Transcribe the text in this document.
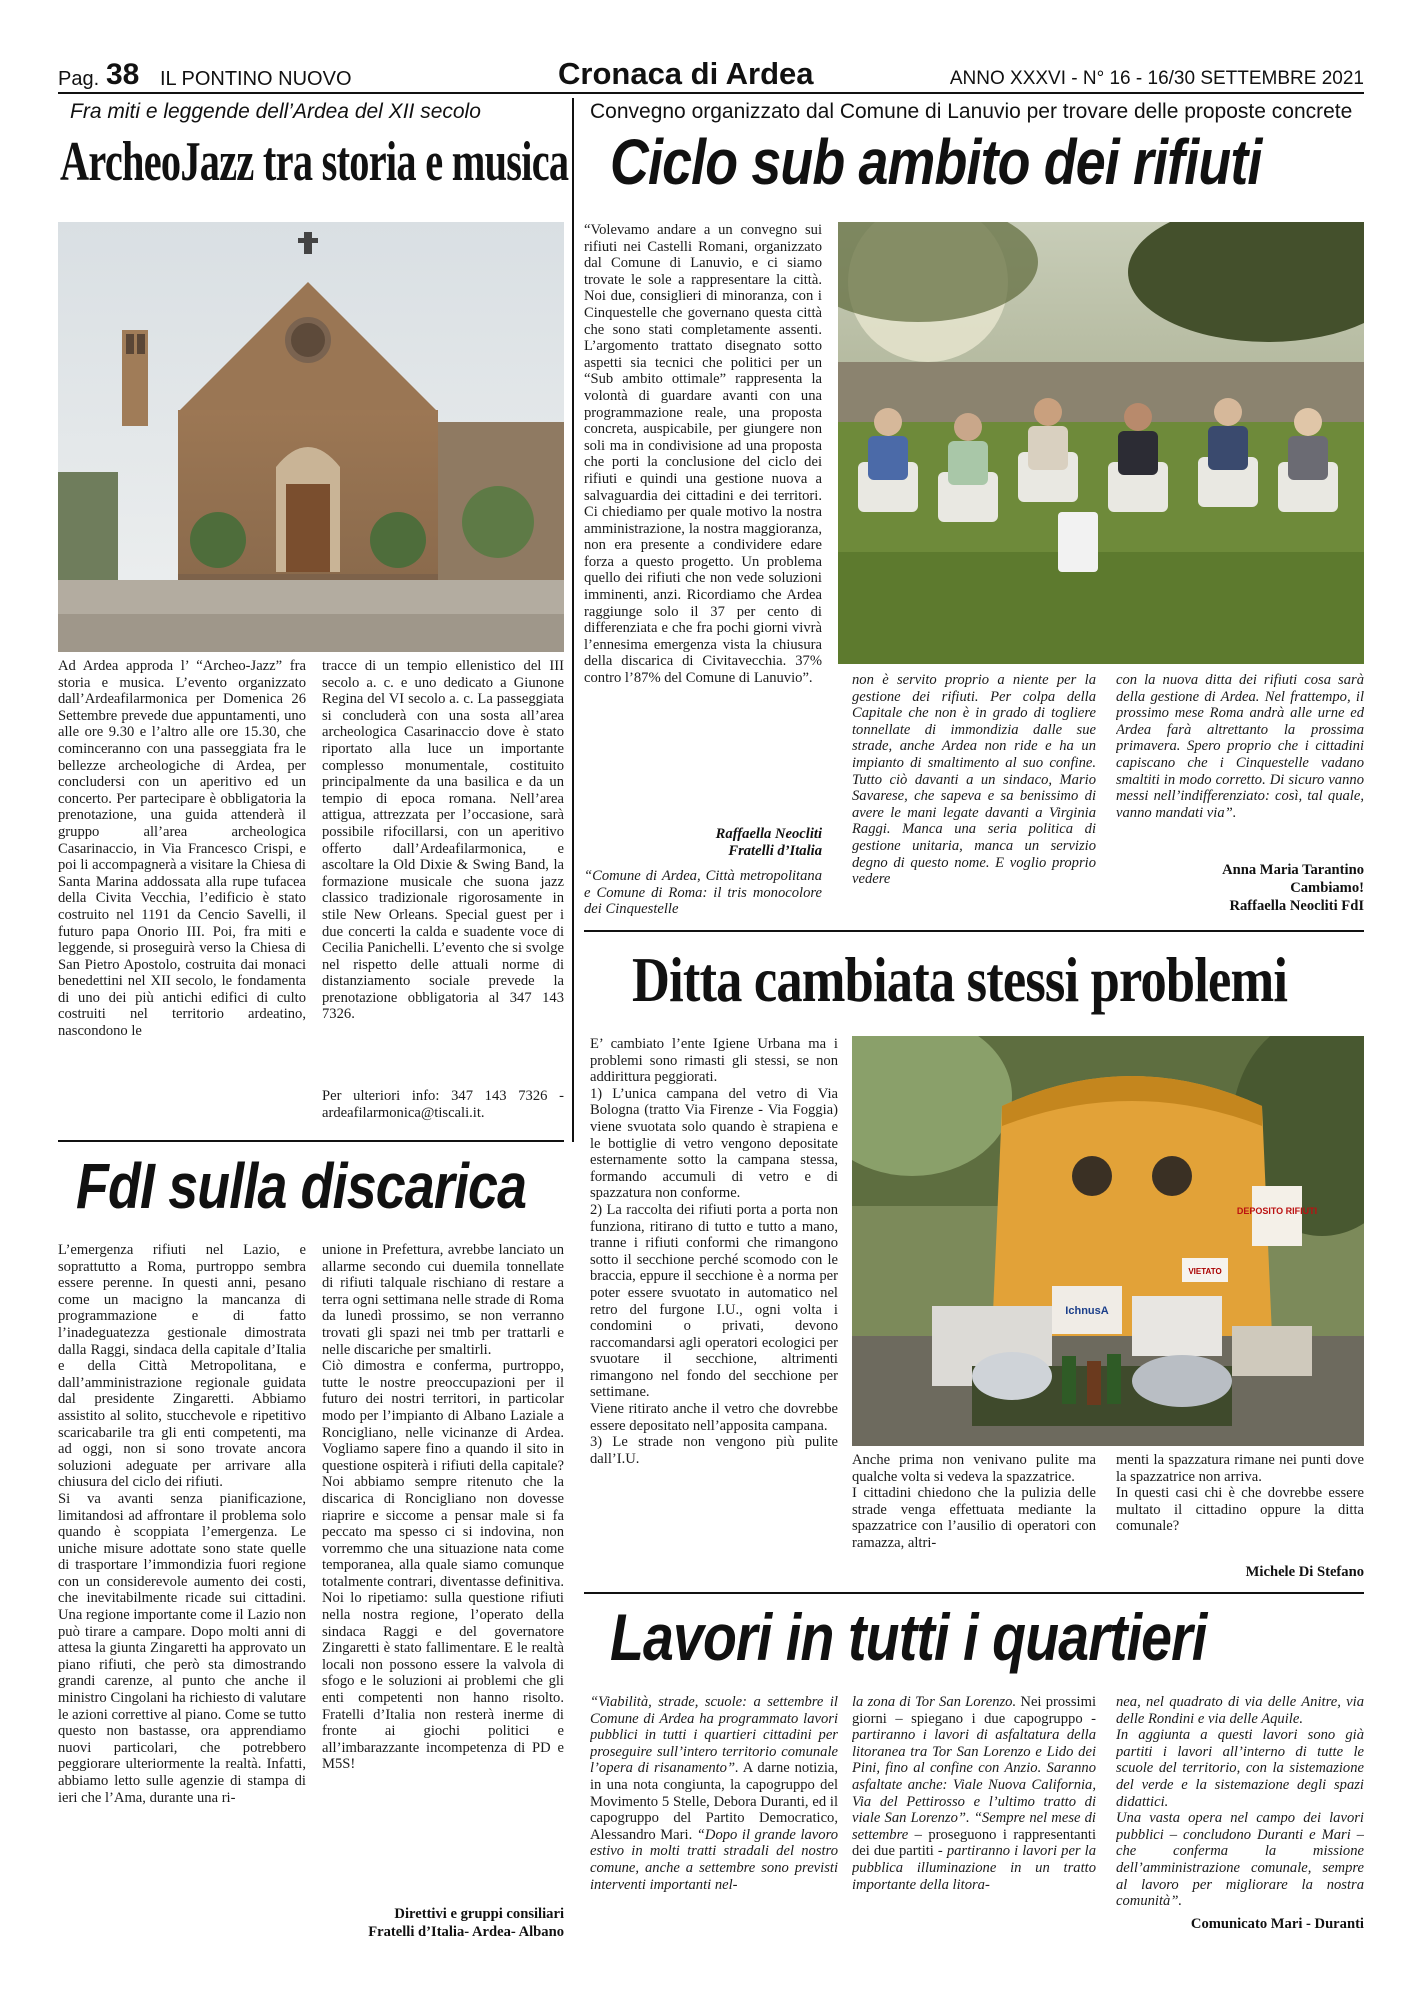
Pag. 38 IL PONTINO NUOVO	Cronaca di Ardea	ANNO XXXVI - N° 16 - 16/30 SETTEMBRE 2021
Fra miti e leggende dell’Ardea del XII secolo
ArcheoJazz tra storia e musica
Ad Ardea approda l’ “Archeo-Jazz” fra storia e musica. L’evento organizzato dall’Ardeafilarmonica per Domenica 26 Settembre prevede due appuntamenti, uno alle ore 9.30 e l’altro alle ore 15.30, che cominceranno con una passeggiata fra le bellezze archeologiche di Ardea, per concludersi con un aperitivo ed un concerto. Per partecipare è obbligatoria la prenotazione, una guida attenderà il gruppo all’area archeologica Casarinaccio, in Via Francesco Crispi, e poi li accompagnerà a visitare la Chiesa di Santa Marina addossata alla rupe tufacea della Civita Vecchia, l’edificio è stato costruito nel 1191 da Cencio Savelli, il futuro papa Onorio III. Poi, fra miti e leggende, si proseguirà verso la Chiesa di San Pietro Apostolo, costruita dai monaci benedettini nel XII secolo, le fondamenta di uno dei più antichi edifici di culto costruiti nel territorio ardeatino, nascondono le
tracce di un tempio ellenistico del III secolo a. c. e uno dedicato a Giunone Regina del VI secolo a. c. La passeggiata si concluderà con una sosta all’area archeologica Casarinaccio dove è stato riportato alla luce un importante complesso monumentale, costituito principalmente da una basilica e da un tempio di epoca romana. Nell’area attigua, attrezzata per l’occasione, sarà possibile rifocillarsi, con un aperitivo offerto dall’Ardeafilarmonica, e ascoltare la Old Dixie & Swing Band, la formazione musicale che suona jazz classico tradizionale rigorosamente in stile New Orleans. Special guest per i due concerti la calda e suadente voce di Cecilia Panichelli. L’evento che si svolge nel rispetto delle attuali norme di distanziamento sociale prevede la prenotazione obbligatoria al 347 143 7326.
Per ulteriori info: 347 143 7326 - ardeafilarmonica@tiscali.it.
Convegno organizzato dal Comune di Lanuvio per trovare delle proposte concrete
Ciclo sub ambito dei rifiuti
“Volevamo andare a un convegno sui rifiuti nei Castelli Romani, organizzato dal Comune di Lanuvio, e ci siamo trovate le sole a rappresentare la città. Noi due, consiglieri di minoranza, con i Cinquestelle che governano questa città che sono stati completamente assenti. L’argomento trattato disegnato sotto aspetti sia tecnici che politici per un “Sub ambito ottimale” rappresenta la volontà di guardare avanti con una programmazione reale, una proposta concreta, auspicabile, per giungere non soli ma in condivisione ad una proposta che porti la conclusione del ciclo dei rifiuti e quindi una gestione nuova a salvaguardia dei cittadini e dei territori. Ci chiediamo per quale motivo la nostra amministrazione, la nostra maggioranza, non era presente a condividere edare forza a questo progetto. Un problema quello dei rifiuti che non vede soluzioni imminenti, anzi. Ricordiamo che Ardea raggiunge solo il 37 per cento di differenziata e che fra pochi giorni vivrà l’ennesima emergenza vista la chiusura della discarica di Civitavecchia. 37% contro l’87% del Comune di Lanuvio”.
Raffaella Neocliti
Fratelli d’Italia
“Comune di Ardea, Città metropolitana e Comune di Roma: il tris monocolore dei Cinquestelle
non è servito proprio a niente per la gestione dei rifiuti. Per colpa della Capitale che non è in grado di togliere tonnellate di immondizia dalle sue strade, anche Ardea non ride e ha un impianto di smaltimento al suo confine. Tutto ciò davanti a un sindaco, Mario Savarese, che sapeva e sa benissimo di avere le mani legate davanti a Virginia Raggi. Manca una seria politica di gestione unitaria, manca un servizio degno di questo nome. E voglio proprio vedere
con la nuova ditta dei rifiuti cosa sarà della gestione di Ardea. Nel frattempo, il prossimo mese Roma andrà alle urne ed Ardea farà altrettanto la prossima primavera. Spero proprio che i cittadini capiscano che i Cinquestelle vadano smaltiti in modo corretto. Di sicuro vanno messi nell’indifferenziato: così, tal quale, vanno mandati via”.
Anna Maria Tarantino
Cambiamo!
Raffaella Neocliti FdI
Ditta cambiata stessi problemi
E’ cambiato l’ente Igiene Urbana ma i problemi sono rimasti gli stessi, se non addirittura peggiorati.
1) L’unica campana del vetro di Via Bologna (tratto Via Firenze - Via Foggia) viene svuotata solo quando è strapiena e le bottiglie di vetro vengono depositate esternamente sotto la campana stessa, formando accumuli di vetro e di spazzatura non conforme.
2) La raccolta dei rifiuti porta a porta non funziona, ritirano di tutto e tutto a mano, tranne i rifiuti conformi che rimangono sotto il secchione perché scomodo con le braccia, eppure il secchione è a norma per poter essere svuotato in automatico nel retro del furgone I.U., ogni volta i condomini o privati, devono raccomandarsi agli operatori ecologici per svuotare il secchione, altrimenti rimangono nel fondo del secchione per settimane.
Viene ritirato anche il vetro che dovrebbe essere depositato nell’apposita campana.
3) Le strade non vengono più pulite dall’I.U.
DEPOSITO RIFIUTI
VIETATO
IchnusA
Anche prima non venivano pulite ma qualche volta si vedeva la spazzatrice.
I cittadini chiedono che la pulizia delle strade venga effettuata mediante la spazzatrice con l’ausilio di operatori con ramazza, altri-
menti la spazzatura rimane nei punti dove la spazzatrice non arriva.
In questi casi chi è che dovrebbe essere multato il cittadino oppure la ditta comunale?
Michele Di Stefano
FdI sulla discarica
L’emergenza rifiuti nel Lazio, e soprattutto a Roma, purtroppo sembra essere perenne. In questi anni, pesano come un macigno la mancanza di programmazione e di fatto l’inadeguatezza gestionale dimostrata dalla Raggi, sindaca della capitale d’Italia e della Città Metropolitana, e dall’amministrazione regionale guidata dal presidente Zingaretti. Abbiamo assistito al solito, stucchevole e ripetitivo scaricabarile tra gli enti competenti, ma ad oggi, non si sono trovate ancora soluzioni adeguate per arrivare alla chiusura del ciclo dei rifiuti.
Si va avanti senza pianificazione, limitandosi ad affrontare il problema solo quando è scoppiata l’emergenza. Le uniche misure adottate sono state quelle di trasportare l’immondizia fuori regione con un considerevole aumento dei costi, che inevitabilmente ricade sui cittadini. Una regione importante come il Lazio non può tirare a campare. Dopo molti anni di attesa la giunta Zingaretti ha approvato un piano rifiuti, che però sta dimostrando grandi carenze, al punto che anche il ministro Cingolani ha richiesto di valutare le azioni correttive al piano. Come se tutto questo non bastasse, ora apprendiamo nuovi particolari, che potrebbero peggiorare ulteriormente la realtà. Infatti, abbiamo letto sulle agenzie di stampa di ieri che l’Ama, durante una ri-
unione in Prefettura, avrebbe lanciato un allarme secondo cui duemila tonnellate di rifiuti talquale rischiano di restare a terra ogni settimana nelle strade di Roma da lunedì prossimo, se non verranno trovati gli spazi nei tmb per trattarli e nelle discariche per smaltirli.
Ciò dimostra e conferma, purtroppo, tutte le nostre preoccupazioni per il futuro dei nostri territori, in particolar modo per l’impianto di Albano Laziale a Roncigliano, nelle vicinanze di Ardea. Vogliamo sapere fino a quando il sito in questione ospiterà i rifiuti della capitale? Noi abbiamo sempre ritenuto che la discarica di Roncigliano non dovesse riaprire e siccome a pensar male si fa peccato ma spesso ci si indovina, non vorremmo che una situazione nata come temporanea, alla quale siamo comunque totalmente contrari, diventasse definitiva. Noi lo ripetiamo: sulla questione rifiuti nella nostra regione, l’operato della sindaca Raggi e del governatore Zingaretti è stato fallimentare. E le realtà locali non possono essere la valvola di sfogo e le soluzioni ai problemi che gli enti competenti non hanno risolto. Fratelli d’Italia non resterà inerme di fronte ai giochi politici e all’imbarazzante incompetenza di PD e M5S!
Direttivi e gruppi consiliari
Fratelli d’Italia- Ardea- Albano
Lavori in tutti i quartieri
“Viabilità, strade, scuole: a settembre il Comune di Ardea ha programmato lavori pubblici in tutti i quartieri cittadini per proseguire sull’intero territorio comunale l’opera di risanamento”. A darne notizia, in una nota congiunta, la capogruppo del Movimento 5 Stelle, Debora Duranti, ed il capogruppo del Partito Democratico, Alessandro Mari. “Dopo il grande lavoro estivo in molti tratti stradali del nostro comune, anche a settembre sono previsti interventi importanti nel-
la zona di Tor San Lorenzo. Nei prossimi giorni – spiegano i due capogruppo - partiranno i lavori di asfaltatura della litoranea tra Tor San Lorenzo e Lido dei Pini, fino al confine con Anzio. Saranno asfaltate anche: Viale Nuova California, Via del Pettirosso e l’ultimo tratto di viale San Lorenzo”. “Sempre nel mese di settembre – proseguono i rappresentanti dei due partiti - partiranno i lavori per la pubblica illuminazione in un tratto importante della litora-
nea, nel quadrato di via delle Anitre, via delle Rondini e via delle Aquile.
In aggiunta a questi lavori sono già partiti i lavori all’interno di tutte le scuole del territorio, con la sistemazione del verde e la sistemazione degli spazi didattici.
Una vasta opera nel campo dei lavori pubblici – concludono Duranti e Mari – che conferma la missione dell’amministrazione comunale, sempre al lavoro per migliorare la nostra comunità”.
Comunicato Mari - Duranti
